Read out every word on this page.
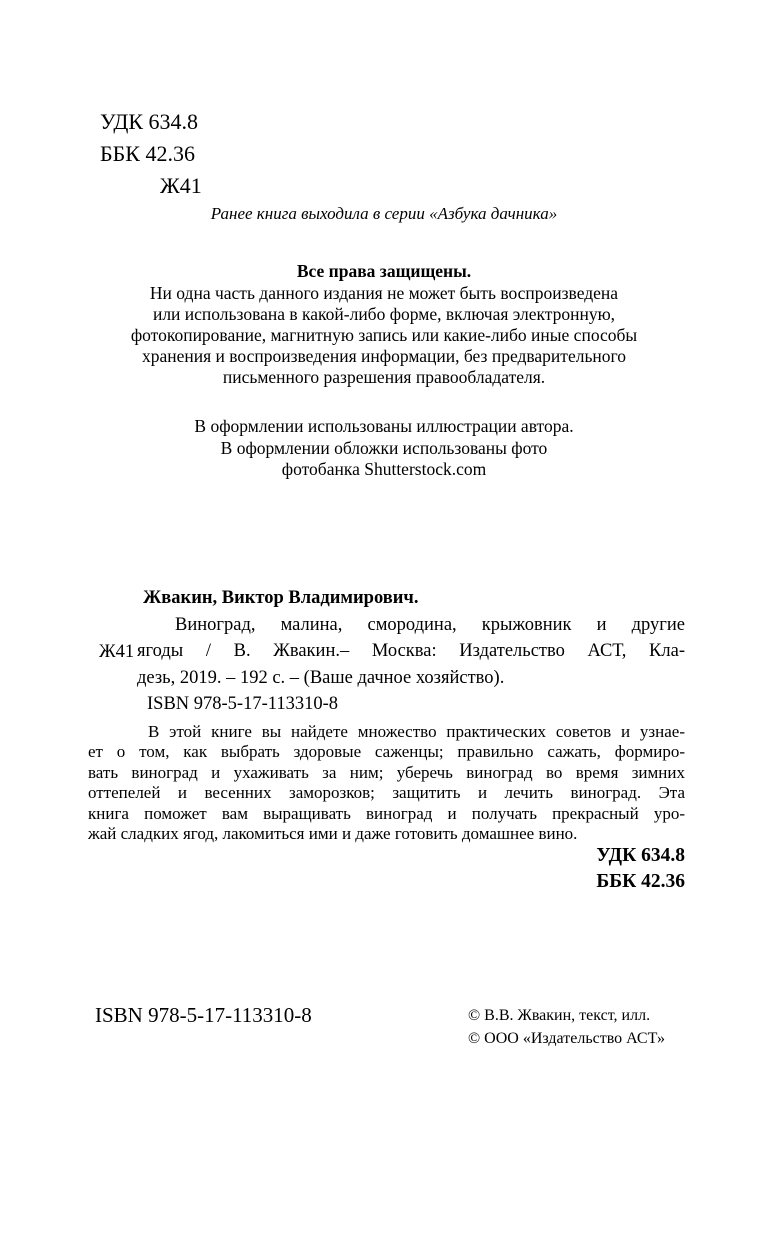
УДК 634.8
ББК 42.36
Ж41
Ранее книга выходила в серии «Азбука дачника»
Все права защищены.
Ни одна часть данного издания не может быть воспроизведена
или использована в какой-либо форме, включая электронную,
фотокопирование, магнитную запись или какие-либо иные способы
хранения и воспроизведения информации, без предварительного
письменного разрешения правообладателя.
В оформлении использованы иллюстрации автора.
В оформлении обложки использованы фото
фотобанка Shutterstock.com
Ж41
Жвакин, Виктор Владимирович.
Виноград, малина, смородина, крыжовник и другие
ягоды / В. Жвакин.– Москва: Издательство АСТ, Кла-
дезь, 2019. – 192 с. – (Ваше дачное хозяйство).
ISBN 978-5-17-113310-8
В этой книге вы найдете множество практических советов и узнае-
ет о том, как выбрать здоровые саженцы; правильно сажать, формиро-
вать виноград и ухаживать за ним; уберечь виноград во время зимних
оттепелей и весенних заморозков; защитить и лечить виноград. Эта
книга поможет вам выращивать виноград и получать прекрасный уро-
жай сладких ягод, лакомиться ими и даже готовить домашнее вино.
УДК 634.8
ББК 42.36
ISBN 978-5-17-113310-8	© В.В. Жвакин, текст, илл.
© ООО «Издательство АСТ»
